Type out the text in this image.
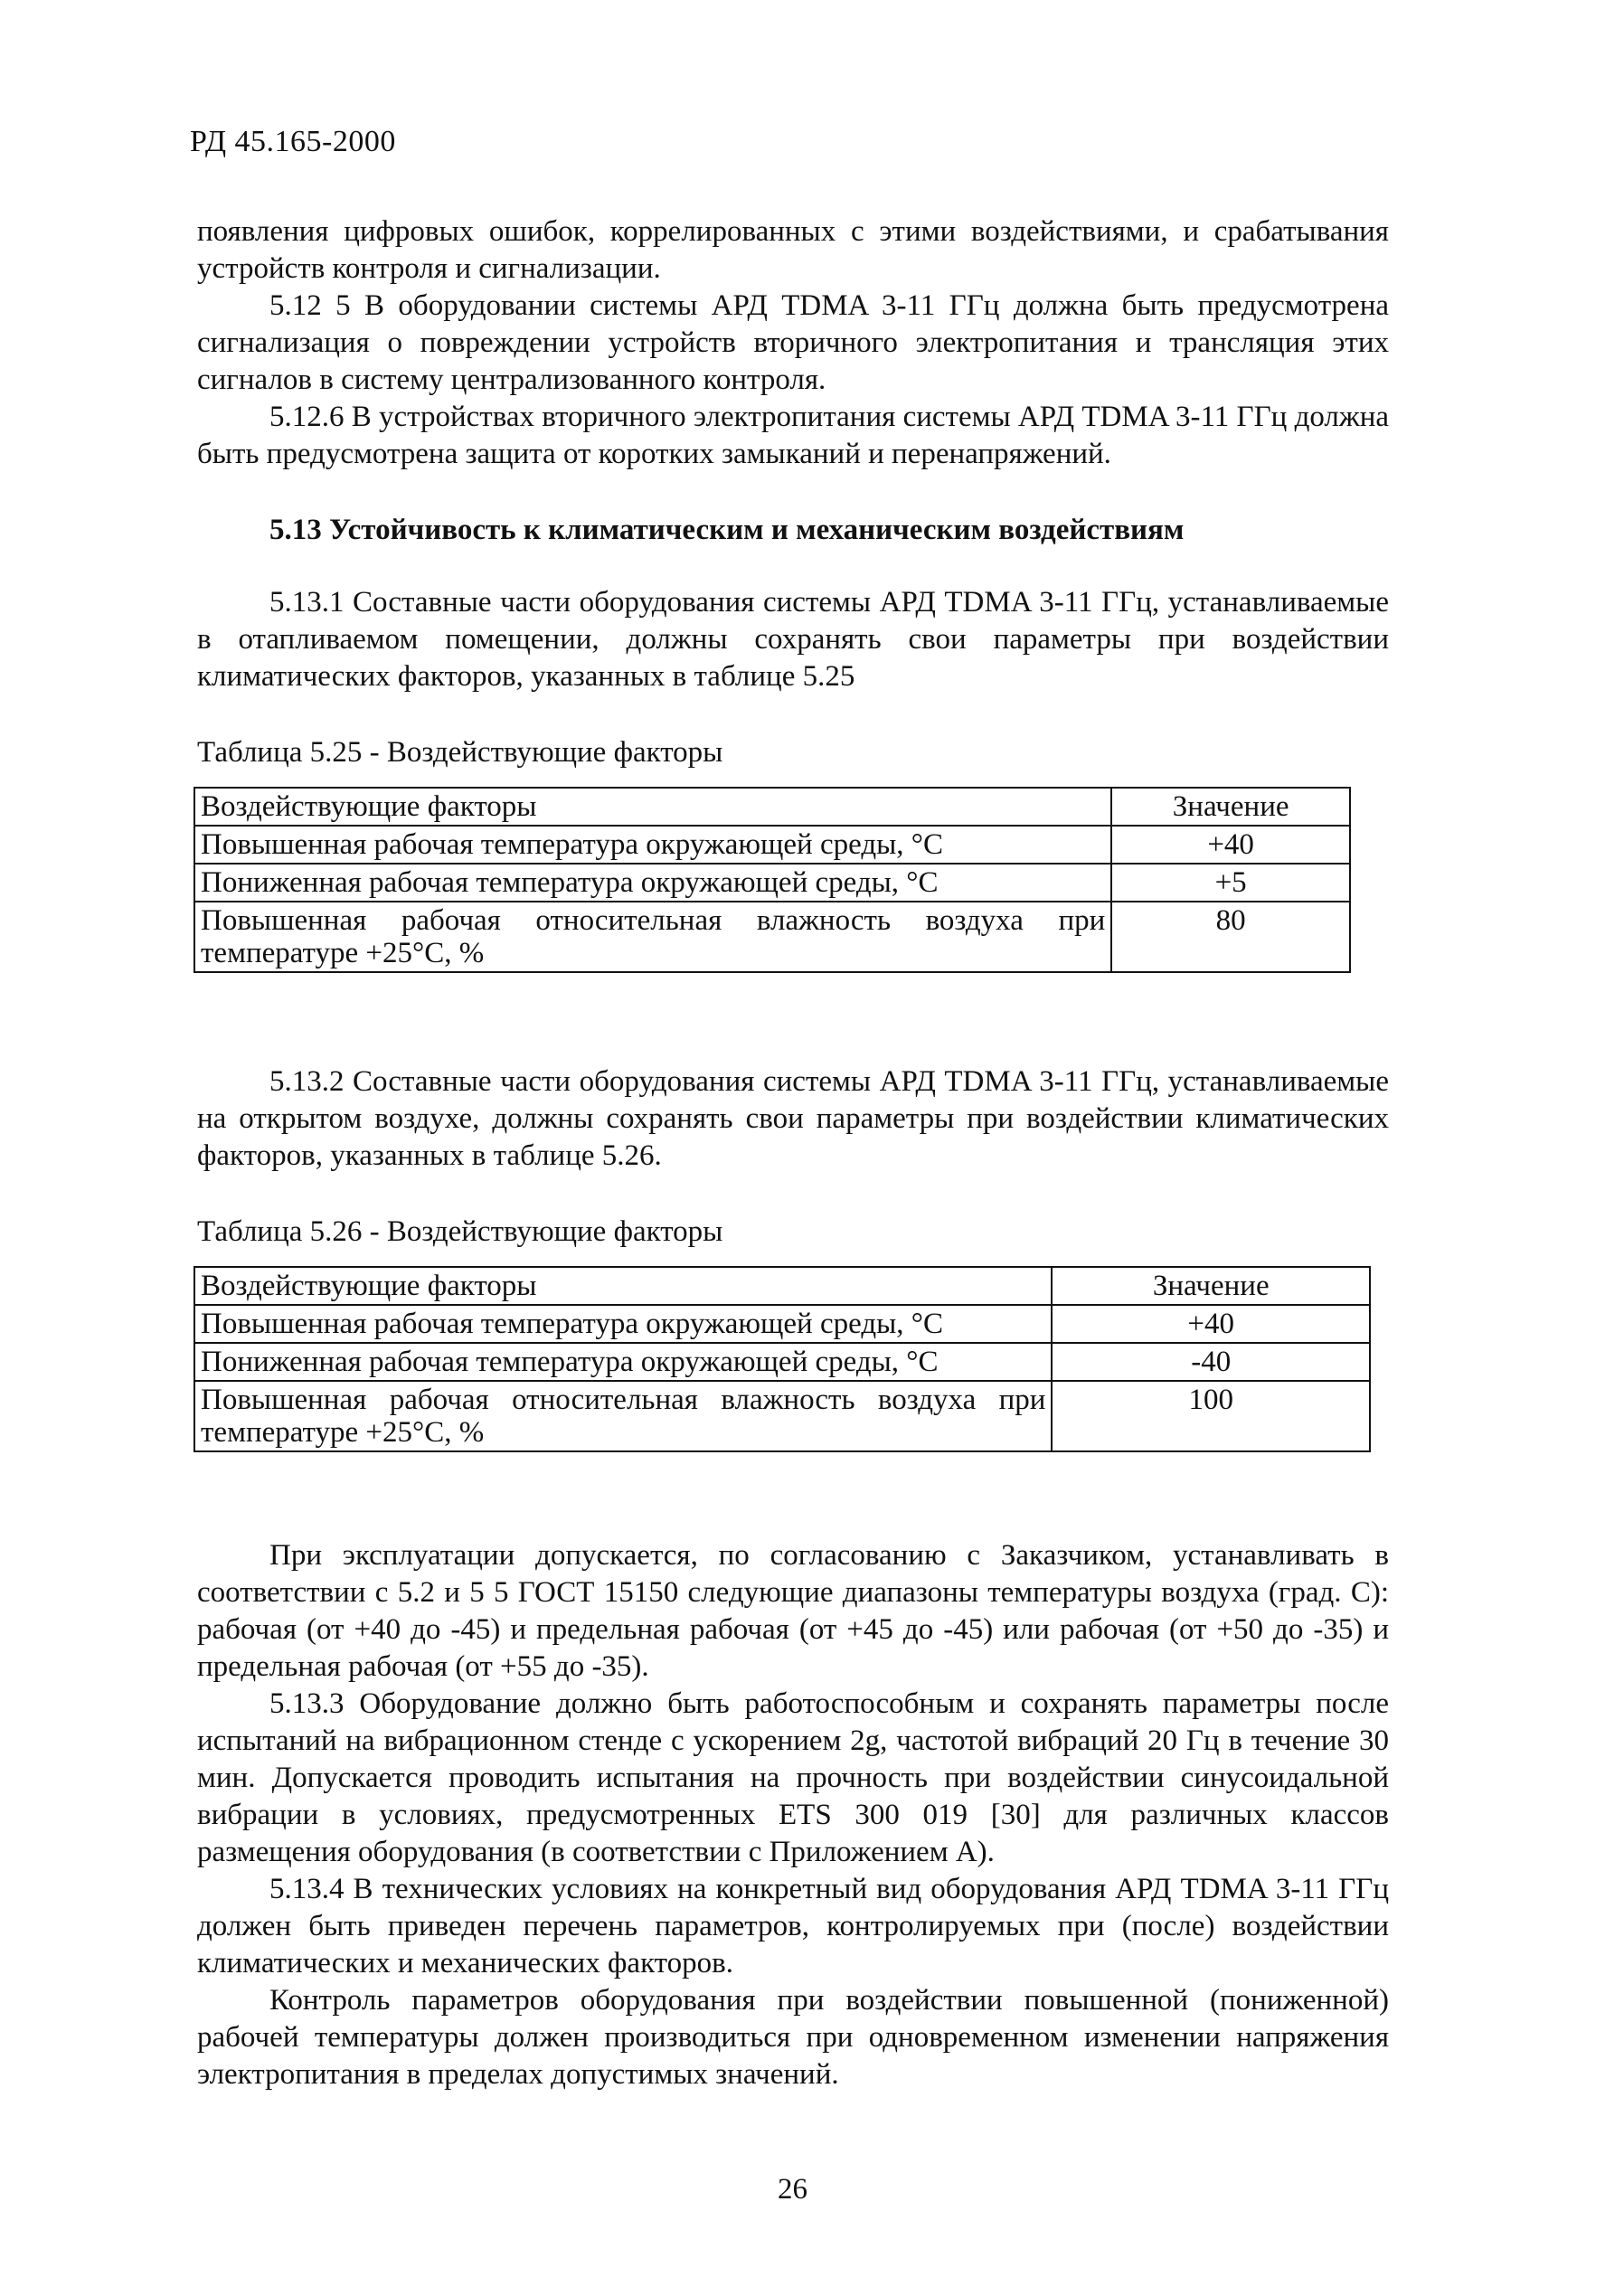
РД 45.165-2000

появления цифровых ошибок, коррелированных с этими воздействиями, и срабатывания устройств контроля и сигнализации.

5.12 5 В оборудовании системы АРД TDMA 3-11 ГГц должна быть предусмотрена сигнализация о повреждении устройств вторичного электропитания и трансляция этих сигналов в систему централизованного контроля.

5.12.6 В устройствах вторичного электропитания системы АРД TDMA 3-11 ГГц должна быть предусмотрена защита от коротких замыканий и перенапряжений.

5.13 Устойчивость к климатическим и механическим воздействиям

5.13.1 Составные части оборудования системы АРД TDMA 3-11 ГГц, устанавливаемые в отапливаемом помещении, должны сохранять свои параметры при воздействии климатических факторов, указанных в таблице 5.25

Таблица 5.25 - Воздействующие факторы
Воздействующие факторы	Значение
Повышенная рабочая температура окружающей среды, °С	+40
Пониженная рабочая температура окружающей среды, °С	+5
Повышенная рабочая относительная влажность воздуха при температуре +25°С, %	80

5.13.2 Составные части оборудования системы АРД TDMA 3-11 ГГц, устанавливаемые на открытом воздухе, должны сохранять свои параметры при воздействии климатических факторов, указанных в таблице 5.26.

Таблица 5.26 - Воздействующие факторы
Воздействующие факторы	Значение
Повышенная рабочая температура окружающей среды, °С	+40
Пониженная рабочая температура окружающей среды, °С	-40
Повышенная рабочая относительная влажность воздуха при температуре +25°С, %	100

При эксплуатации допускается, по согласованию с Заказчиком, устанавливать в соответствии с 5.2 и 5 5 ГОСТ 15150 следующие диапазоны температуры воздуха (град. С): рабочая (от +40 до -45) и предельная рабочая (от +45 до -45) или рабочая (от +50 до -35) и предельная рабочая (от +55 до -35).

5.13.3 Оборудование должно быть работоспособным и сохранять параметры после испытаний на вибрационном стенде с ускорением 2g, частотой вибраций 20 Гц в течение 30 мин. Допускается проводить испытания на прочность при воздействии синусоидальной вибрации в условиях, предусмотренных ETS 300 019 [30] для различных классов размещения оборудования (в соответствии с Приложением А).

5.13.4 В технических условиях на конкретный вид оборудования АРД TDMA 3-11 ГГц должен быть приведен перечень параметров, контролируемых при (после) воздействии климатических и механических факторов.

Контроль параметров оборудования при воздействии повышенной (пониженной) рабочей температуры должен производиться при одновременном изменении напряжения электропитания в пределах допустимых значений.

26
